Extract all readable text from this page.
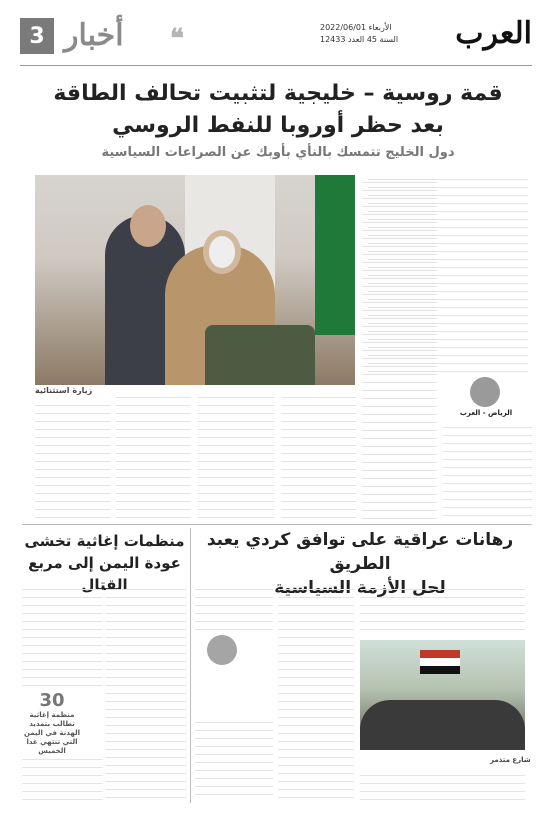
3 أخبار ❝	الأربعاء 2022/06/01
السنة 45 العدد 12433 العرب
قمة روسية – خليجية لتثبيت تحالف الطاقة
بعد حظر أوروبا للنفط الروسي
دول الخليج تتمسك بالنأي بأوبك عن الصراعات السياسية
زيارة استثنائية
الرياض - العرب
رهانات عراقية على توافق كردي يعبد الطريق
لحل الأزمة السياسية
شارع متذمر
منظمات إغاثية تخشى
عودة اليمن إلى مربع القتال
30
منظمة إغاثية تطالب بتمديد الهدنة في اليمن التي تنتهي غدا الخميس
